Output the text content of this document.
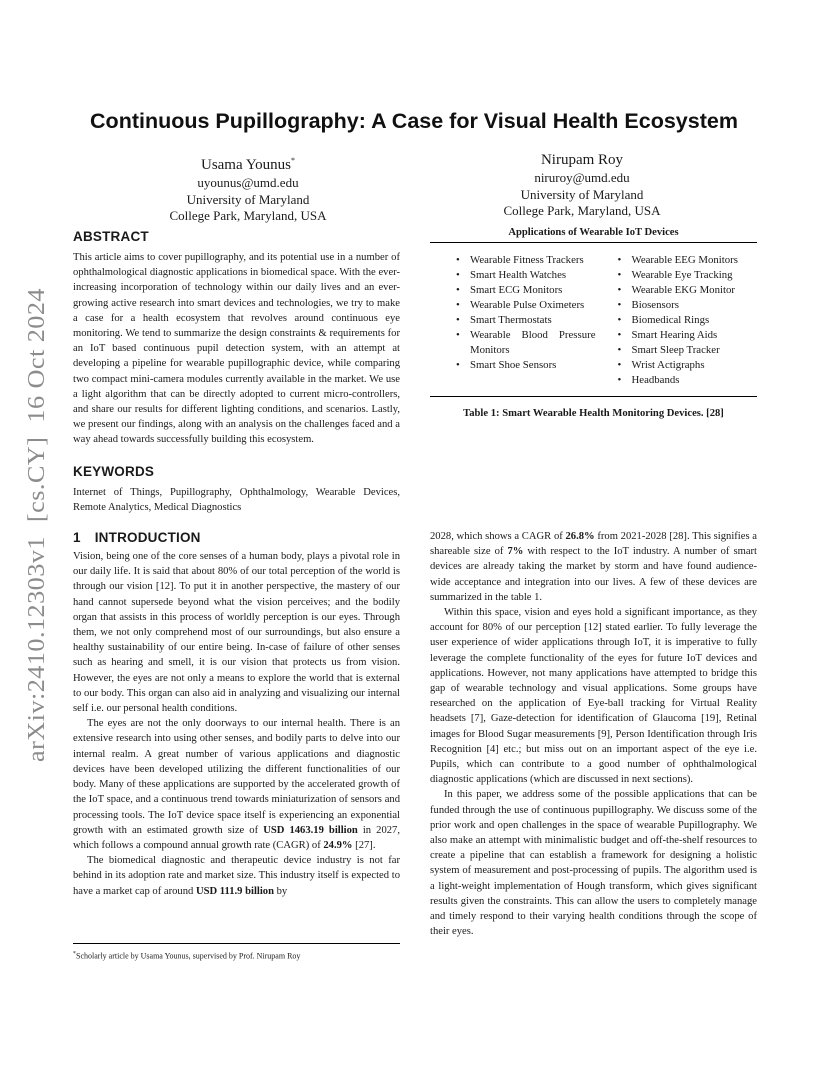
arXiv:2410.12303v1  [cs.CY]  16 Oct 2024
Continuous Pupillography: A Case for Visual Health Ecosystem
Usama Younus*
uyounus@umd.edu
University of Maryland
College Park, Maryland, USA
Nirupam Roy
niruroy@umd.edu
University of Maryland
College Park, Maryland, USA
ABSTRACT

This article aims to cover pupillography, and its potential use in a number of ophthalmological diagnostic applications in biomedical space. With the ever-increasing incorporation of technology within our daily lives and an ever-growing active research into smart devices and technologies, we try to make a case for a health ecosystem that revolves around continuous eye monitoring. We tend to summarize the design constraints & requirements for an IoT based continuous pupil detection system, with an attempt at developing a pipeline for wearable pupillographic device, while comparing two compact mini-camera modules currently available in the market. We use a light algorithm that can be directly adopted to current micro-controllers, and share our results for different lighting conditions, and scenarios. Lastly, we present our findings, along with an analysis on the challenges faced and a way ahead towards successfully building this ecosystem.

KEYWORDS

Internet of Things, Pupillography, Ophthalmology, Wearable Devices, Remote Analytics, Medical Diagnostics

1 INTRODUCTION

Vision, being one of the core senses of a human body, plays a pivotal role in our daily life. It is said that about 80% of our total perception of the world is through our vision [12]. To put it in another perspective, the mastery of our hand cannot supersede beyond what the vision perceives; and the bodily organ that assists in this process of worldly perception is our eyes. Through them, we not only comprehend most of our surroundings, but also ensure a healthy sustainability of our entire being. In-case of failure of other senses such as hearing and smell, it is our vision that protects us from vision. However, the eyes are not only a means to explore the world that is external to our body. This organ can also aid in analyzing and visualizing our internal self i.e. our personal health conditions.

The eyes are not the only doorways to our internal health. There is an extensive research into using other senses, and bodily parts to delve into our internal realm. A great number of various applications and diagnostic devices have been developed utilizing the different functionalities of our body. Many of these applications are supported by the accelerated growth of the IoT space, and a continuous trend towards miniaturization of sensors and processing tools. The IoT device space itself is experiencing an exponential growth with an estimated growth size of USD 1463.19 billion in 2027, which follows a compound annual growth rate (CAGR) of 24.9% [27].

The biomedical diagnostic and therapeutic device industry is not far behind in its adoption rate and market size. This industry itself is expected to have a market cap of around USD 111.9 billion by

*Scholarly article by Usama Younus, supervised by Prof. Nirupam Roy
Applications of Wearable IoT Devices
• Wearable Fitness Trackers
• Smart Health Watches
• Smart ECG Monitors
• Wearable Pulse Oximeters
• Smart Thermostats
• Wearable Blood Pressure Monitors
• Smart Shoe Sensors
• Wearable EEG Monitors
• Wearable Eye Tracking
• Wearable EKG Monitor
• Biosensors
• Biomedical Rings
• Smart Hearing Aids
• Smart Sleep Tracker
• Wrist Actigraphs
• Headbands
Table 1: Smart Wearable Health Monitoring Devices. [28]

2028, which shows a CAGR of 26.8% from 2021-2028 [28]. This signifies a shareable size of 7% with respect to the IoT industry. A number of smart devices are already taking the market by storm and have found audience-wide acceptance and integration into our lives. A few of these devices are summarized in the table 1.

Within this space, vision and eyes hold a significant importance, as they account for 80% of our perception [12] stated earlier. To fully leverage the user experience of wider applications through IoT, it is imperative to fully leverage the complete functionality of the eyes for future IoT devices and applications. However, not many applications have attempted to bridge this gap of wearable technology and visual applications. Some groups have researched on the application of Eye-ball tracking for Virtual Reality headsets [7], Gaze-detection for identification of Glaucoma [19], Retinal images for Blood Sugar measurements [9], Person Identification through Iris Recognition [4] etc.; but miss out on an important aspect of the eye i.e. Pupils, which can contribute to a good number of ophthalmological diagnostic applications (which are discussed in next sections).

In this paper, we address some of the possible applications that can be funded through the use of continuous pupillography. We discuss some of the prior work and open challenges in the space of wearable Pupillography. We also make an attempt with minimalistic budget and off-the-shelf resources to create a pipeline that can establish a framework for designing a holistic system of measurement and post-processing of pupils. The algorithm used is a light-weight implementation of Hough transform, which gives significant results given the constraints. This can allow the users to completely manage and timely respond to their varying health conditions through the scope of their eyes.
